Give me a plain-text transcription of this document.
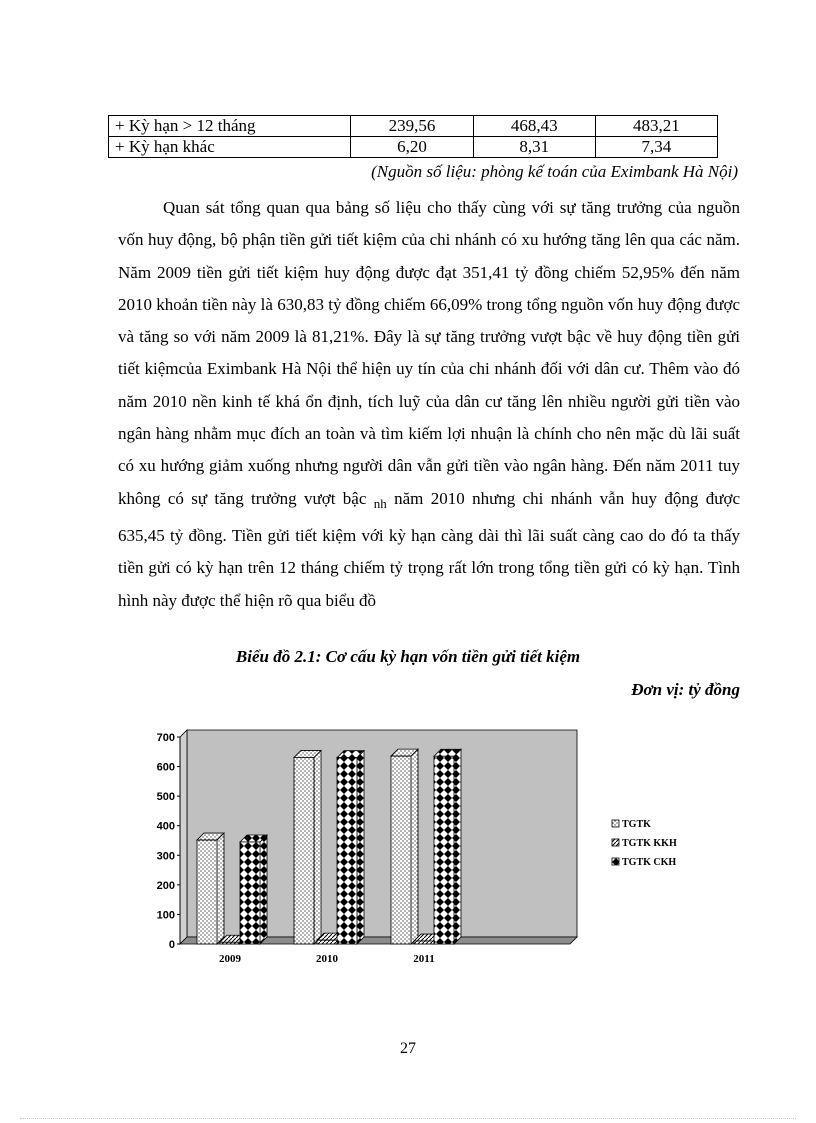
+ Kỳ hạn > 12 tháng	239,56	468,43	483,21
+ Kỳ hạn khác	6,20	8,31	7,34
(Nguồn số liệu: phòng kế toán của Eximbank Hà Nội)
Quan sát tổng quan qua bảng số liệu cho thấy cùng với sự tăng trưởng của nguồn vốn huy động, bộ phận tiền gửi tiết kiệm của chi nhánh có xu hướng tăng lên qua các năm. Năm 2009 tiền gửi tiết kiệm huy động được đạt 351,41 tỷ đồng chiếm 52,95% đến năm 2010 khoản tiền này là 630,83 tỷ đồng chiếm 66,09% trong tổng nguồn vốn huy động được và tăng so với năm 2009 là 81,21%. Đây là sự tăng trưởng vượt bậc về huy động tiền gửi tiết kiệmcủa Eximbank Hà Nội thể hiện uy tín của chi nhánh đối với dân cư. Thêm vào đó năm 2010 nền kinh tế khá ổn định, tích luỹ của dân cư tăng lên nhiều người gửi tiền vào ngân hàng nhằm mục đích an toàn và tìm kiếm lợi nhuận là chính cho nên mặc dù lãi suất có xu hướng giảm xuống nhưng người dân vẫn gửi tiền vào ngân hàng. Đến năm 2011 tuy không có sự tăng trưởng vượt bậc $_{nh}$ năm 2010 nhưng chi nhánh vẫn huy động được 635,45 tỷ đồng. Tiền gửi tiết kiệm với kỳ hạn càng dài thì lãi suất càng cao do đó ta thấy tiền gửi có kỳ hạn trên 12 tháng chiếm tỷ trọng rất lớn trong tổng tiền gửi có kỳ hạn. Tình hình này được thể hiện rõ qua biểu đồ
Biểu đồ 2.1: Cơ cấu kỳ hạn vốn tiền gửi tiết kiệm
Đơn vị: tỷ đồng
0
100
200
300
400
500
600
700
2009	2010	2011
TGTK
TGTK KKH
TGTK CKH
27
